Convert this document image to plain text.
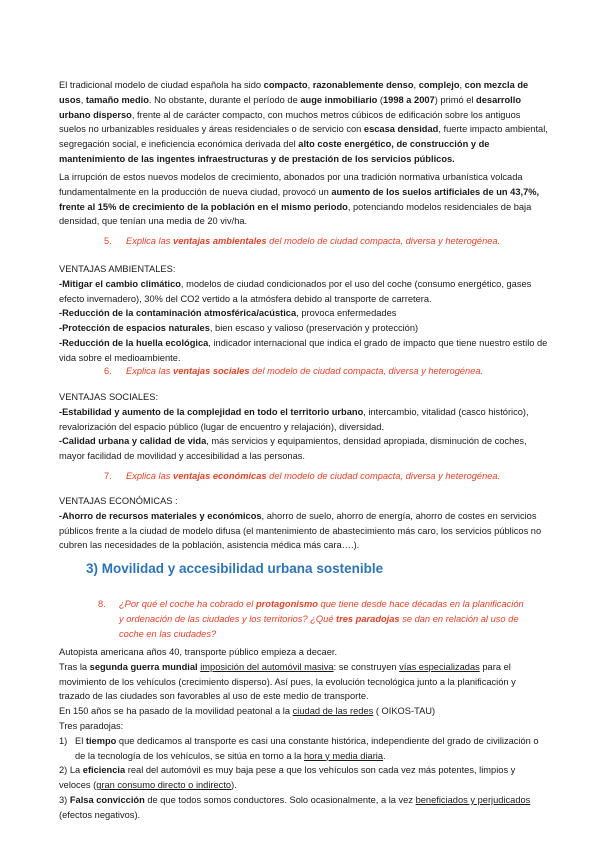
El tradicional modelo de ciudad española ha sido compacto, razonablemente denso, complejo, con mezcla de usos, tamaño medio. No obstante, durante el período de auge inmobiliario (1998 a 2007) primó el desarrollo urbano disperso, frente al de carácter compacto, con muchos metros cúbicos de edificación sobre los antiguos suelos no urbanizables residuales y áreas residenciales o de servicio con escasa densidad, fuerte impacto ambiental, segregación social, e ineficiencia económica derivada del alto coste energético, de construcción y de mantenimiento de las ingentes infraestructuras y de prestación de los servicios públicos.
La irrupción de estos nuevos modelos de crecimiento, abonados por una tradición normativa urbanística volcada fundamentalmente en la producción de nueva ciudad, provocó un aumento de los suelos artificiales de un 43,7%, frente al 15% de crecimiento de la población en el mismo periodo, potenciando modelos residenciales de baja densidad, que tenían una media de 20 viv/ha.
5. Explica las ventajas ambientales del modelo de ciudad compacta, diversa y heterogénea.
VENTAJAS AMBIENTALES:
-Mitigar el cambio climático, modelos de ciudad condicionados por el uso del coche (consumo energético, gases efecto invernadero), 30% del CO2 vertido a la atmósfera debido al transporte de carretera.
-Reducción de la contaminación atmosférica/acústica, provoca enfermedades
-Protección de espacios naturales, bien escaso y valioso (preservación y protección)
-Reducción de la huella ecológica, indicador internacional que indica el grado de impacto que tiene nuestro estilo de vida sobre el medioambiente.
6. Explica las ventajas sociales del modelo de ciudad compacta, diversa y heterogénea.
VENTAJAS SOCIALES:
-Estabilidad y aumento de la complejidad en todo el territorio urbano, intercambio, vitalidad (casco histórico), revalorización del espacio público (lugar de encuentro y relajación), diversidad.
-Calidad urbana y calidad de vida, más servicios y equipamientos, densidad apropiada, disminución de coches, mayor facilidad de movilidad y accesibilidad a las personas.
7. Explica las ventajas económicas del modelo de ciudad compacta, diversa y heterogénea.
VENTAJAS ECONÓMICAS :
-Ahorro de recursos materiales y económicos, ahorro de suelo, ahorro de energía, ahorro de costes en servicios públicos frente a la ciudad de modelo difusa (el mantenimiento de abastecimiento más caro, los servicios públicos no cubren las necesidades de la población, asistencia médica más cara….).
3) Movilidad y accesibilidad urbana sostenible
8.	¿Por qué el coche ha cobrado el protagonismo que tiene desde hace décadas en la planificación y ordenación de las ciudades y los territorios? ¿Qué tres paradojas se dan en relación al uso de coche en las ciudades?
Autopista americana años 40, transporte público empieza a decaer.
Tras la segunda guerra mundial imposición del automóvil masiva: se construyen vías especializadas para el movimiento de los vehículos (crecimiento disperso). Así pues, la evolución tecnológica junto a la planificación y trazado de las ciudades son favorables al uso de este medio de transporte.
En 150 años se ha pasado de la movilidad peatonal a la ciudad de las redes ( OIKOS-TAU)
Tres paradojas:
1) El tiempo que dedicamos al transporte es casi una constante histórica, independiente del grado de civilización o de la tecnología de los vehículos, se sitúa en torno a la hora y media diaria.
2) La eficiencia real del automóvil es muy baja pese a que los vehículos son cada vez más potentes, limpios y veloces (gran consumo directo o indirecto).
3) Falsa convicción de que todos somos conductores. Solo ocasionalmente, a la vez beneficiados y perjudicados (efectos negativos).
